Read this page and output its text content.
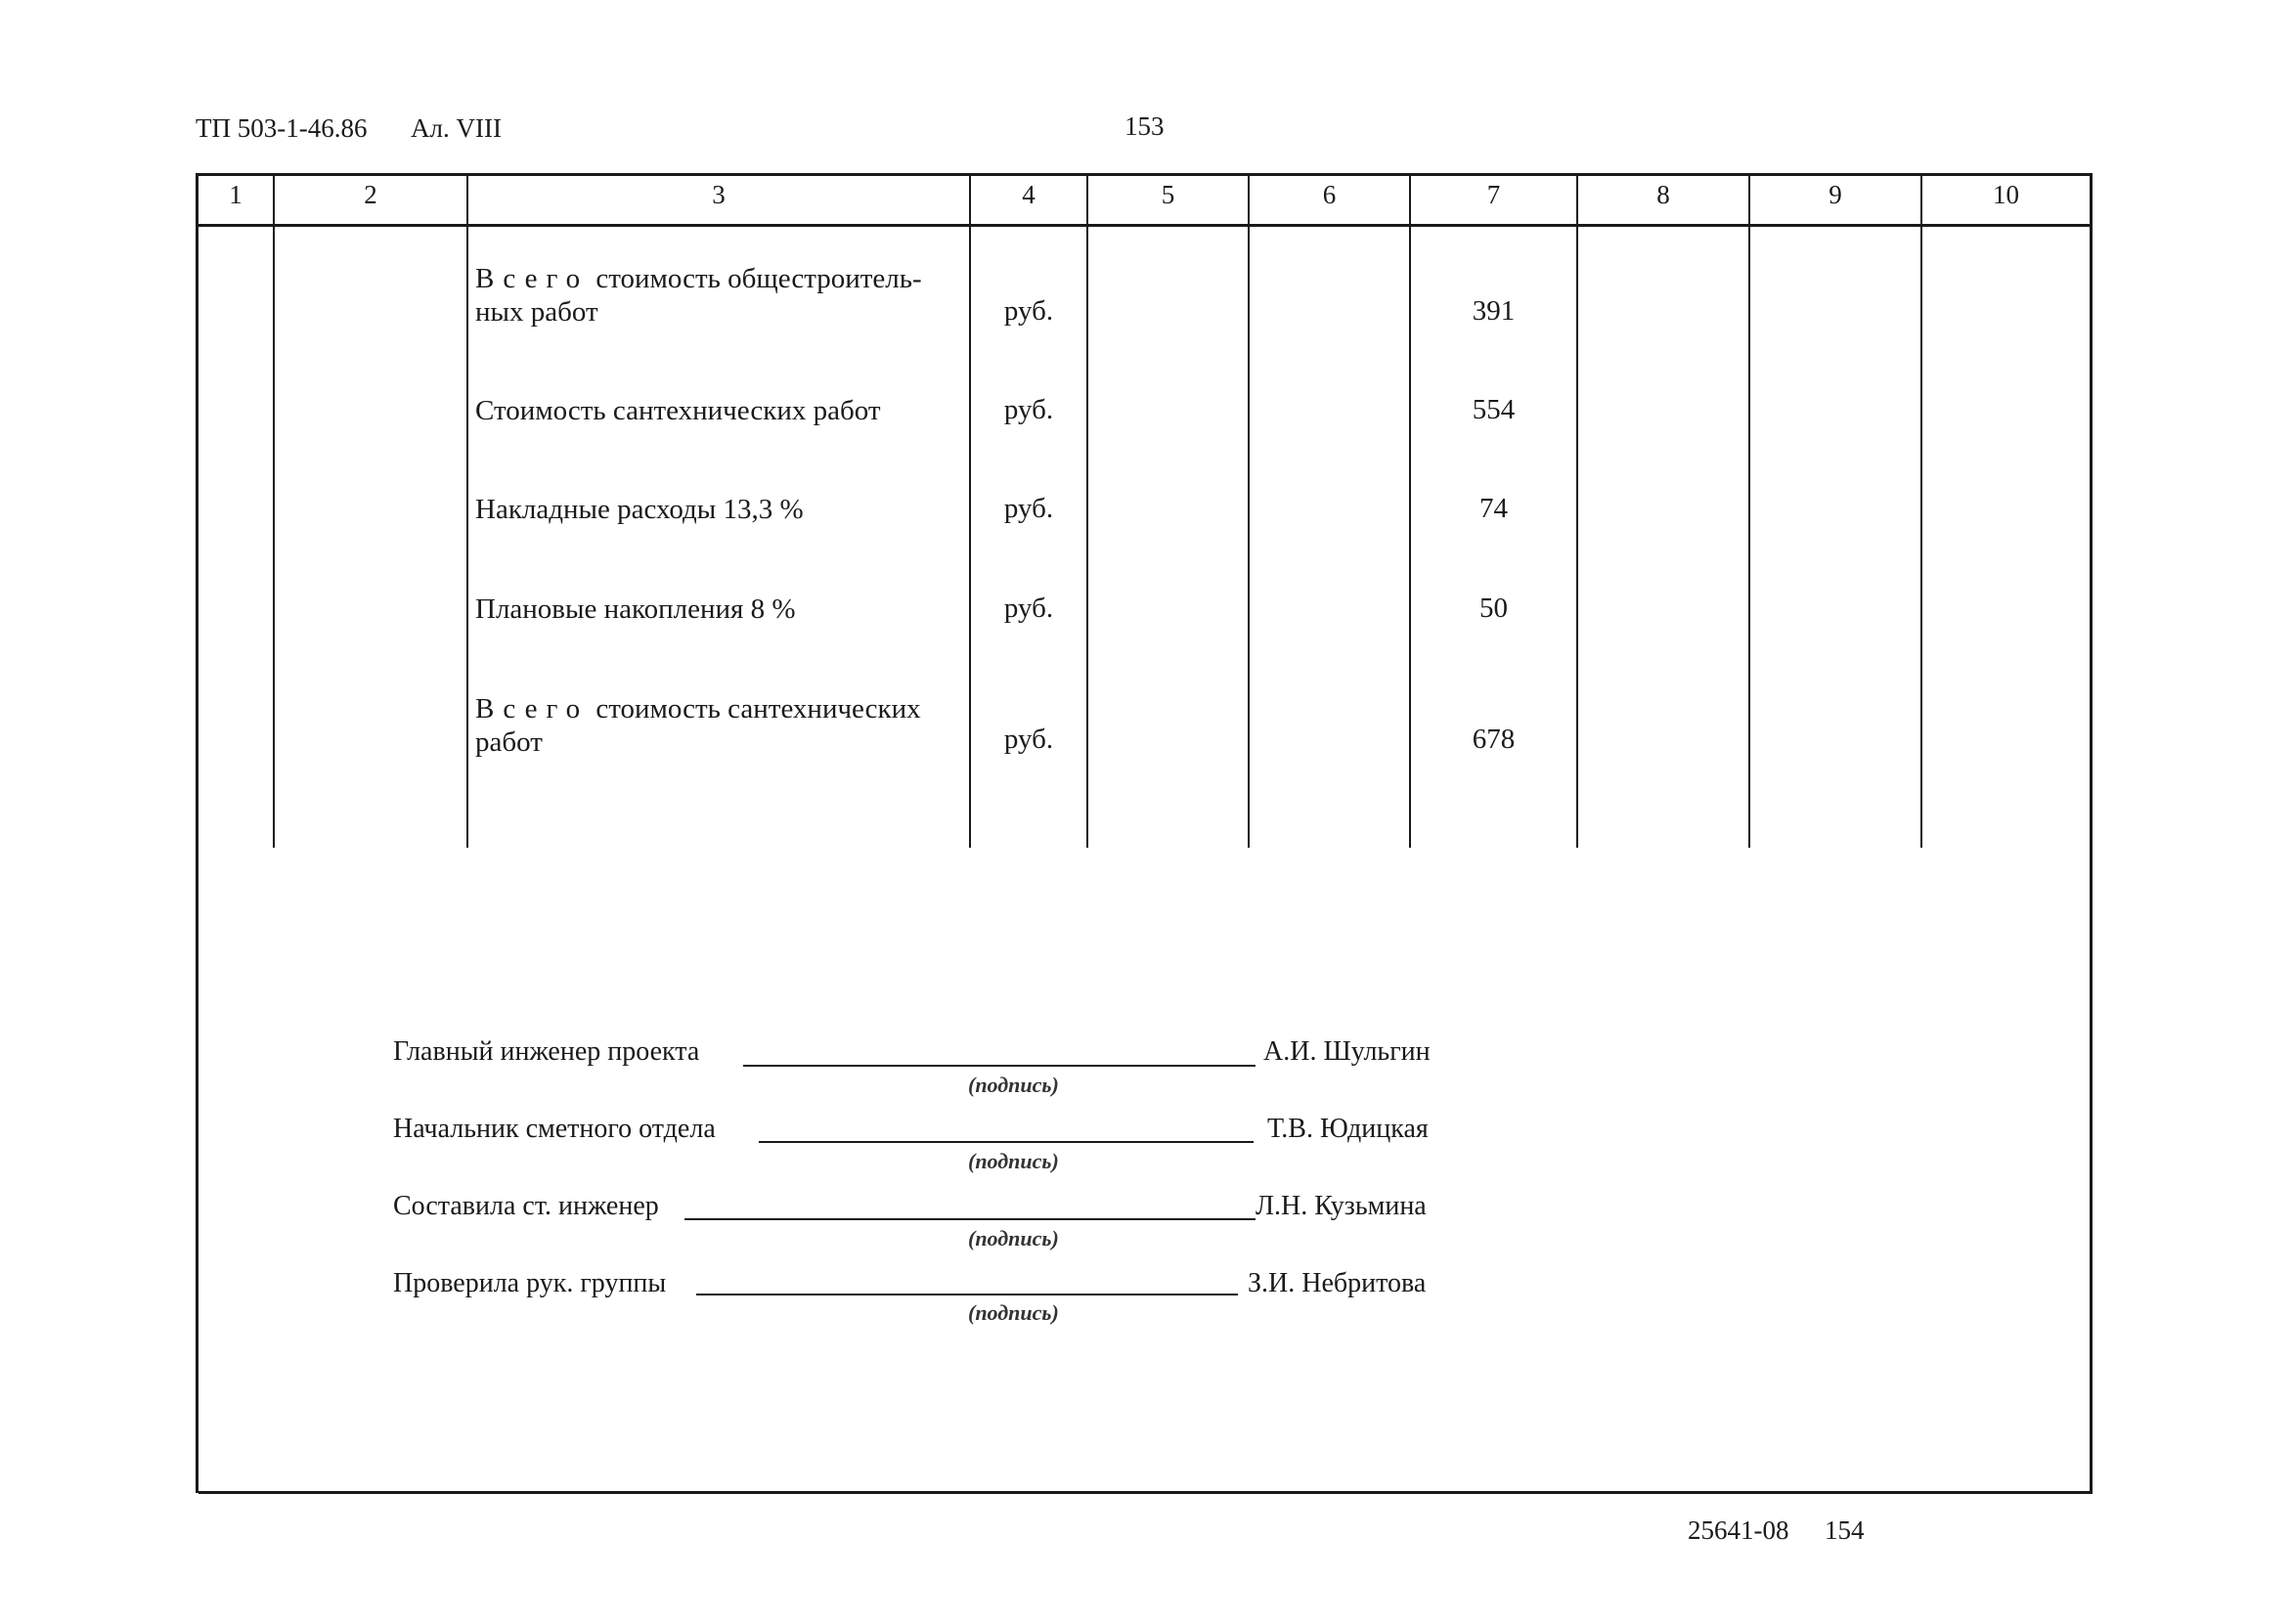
ТП 503-1-46.86 Ал. VIII	153
1	2	3	4	5	6	7	8	9	10
Всего стоимость общестроитель-
ных работ	руб.	391
Стоимость сантехнических работ	руб.	554
Накладные расходы 13,3 %	руб.	74
Плановые накопления 8 %	руб.	50
Всего стоимость сантехнических
работ	руб.	678
Главный инженер проекта	А.И. Шульгин
(подпись)
Начальник сметного отдела	Т.В. Юдицкая
(подпись)
Составила ст. инженер	Л.Н. Кузьмина
(подпись)
Проверила рук. группы	З.И. Небритова
(подпись)
25641-08 154
